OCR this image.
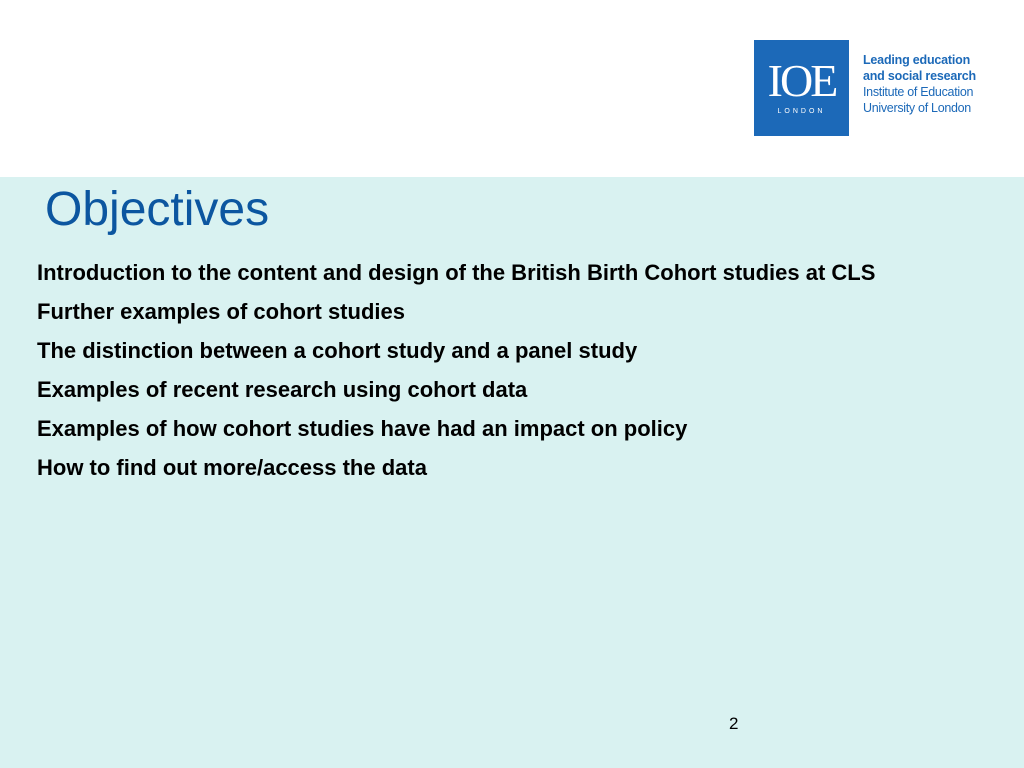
IOE
LONDON
Leading education
and social research
Institute of Education
University of London
Objectives
Introduction to the content and design of the British Birth Cohort studies at CLS
Further examples of cohort studies
The distinction between a cohort study and a panel study
Examples of recent research using cohort data
Examples of how cohort studies have had an impact on policy
How to find out more/access the data
2
